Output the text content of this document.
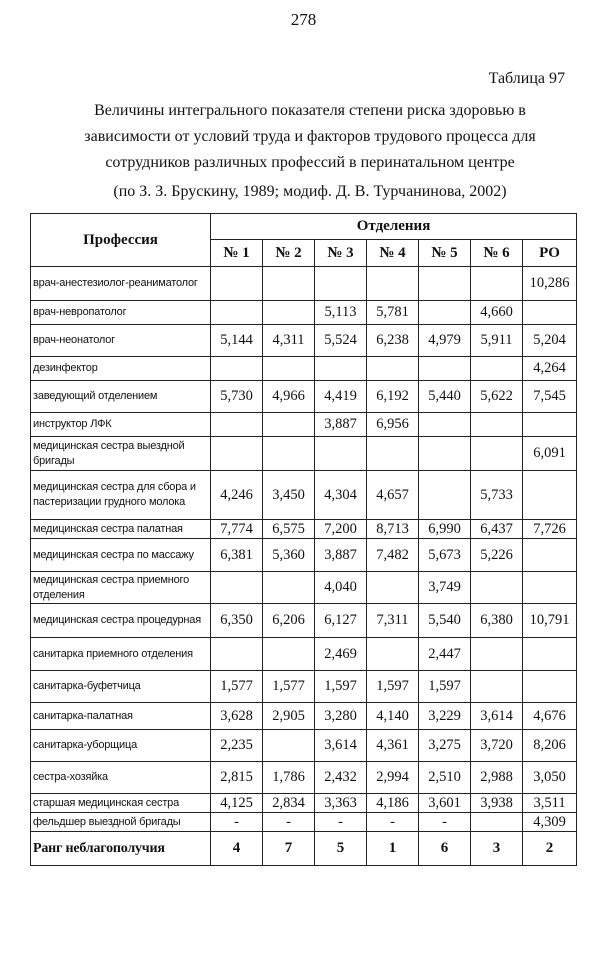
278
Таблица 97
Величины интегрального показателя степени риска здоровью в
зависимости от условий труда и факторов трудового процесса для
сотрудников различных профессий в перинатальном центре
(по З. З. Брускину, 1989; модиф. Д. В. Турчанинова, 2002)
Профессия	Отделения						
	№ 1	№ 2	№ 3	№ 4	№ 5	№ 6	РО
врач-анестезиолог-реаниматолог							10,286
врач-невропатолог			5,113	5,781		4,660	
врач-неонатолог	5,144	4,311	5,524	6,238	4,979	5,911	5,204
дезинфектор							4,264
заведующий отделением	5,730	4,966	4,419	6,192	5,440	5,622	7,545
инструктор ЛФК			3,887	6,956			
медицинская сестра выездной бригады							6,091
медицинская сестра для сбора и пастеризации грудного молока	4,246	3,450	4,304	4,657		5,733	
медицинская сестра палатная	7,774	6,575	7,200	8,713	6,990	6,437	7,726
медицинская сестра по массажу	6,381	5,360	3,887	7,482	5,673	5,226	
медицинская сестра приемного отделения			4,040		3,749		
медицинская сестра процедурная	6,350	6,206	6,127	7,311	5,540	6,380	10,791
санитарка приемного отделения			2,469		2,447		
санитарка-буфетчица	1,577	1,577	1,597	1,597	1,597		
санитарка-палатная	3,628	2,905	3,280	4,140	3,229	3,614	4,676
санитарка-уборщица	2,235		3,614	4,361	3,275	3,720	8,206
сестра-хозяйка	2,815	1,786	2,432	2,994	2,510	2,988	3,050
старшая медицинская сестра	4,125	2,834	3,363	4,186	3,601	3,938	3,511
фельдшер выездной бригады	-	-	-	-	-		4,309
Ранг неблагополучия	4	7	5	1	6	3	2
